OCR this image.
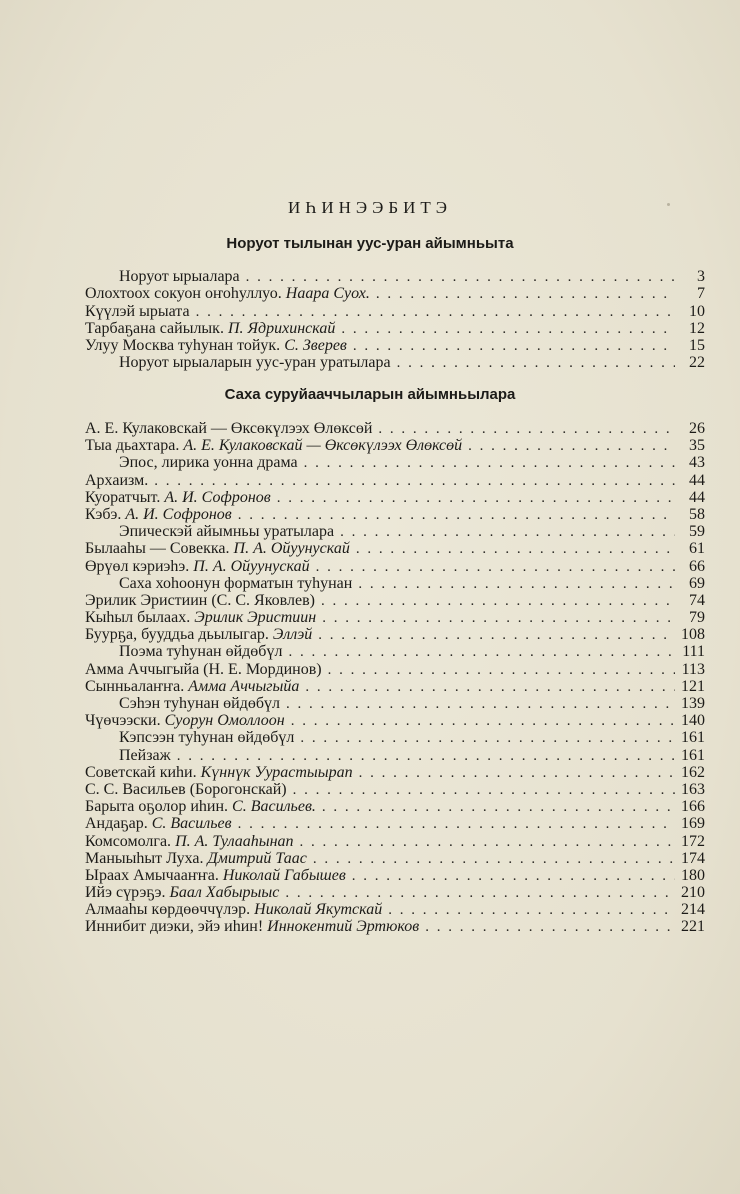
ИҺИНЭЭБИТЭ
Норуот тылынан уус-уран айымньыта
Норуот ырыалара . . .	3
Олохтоох сокуон оҥоһуллуо. Наара Суох. . . .	7
Күүлэй ырыата . . .	10
Тарбаҕана сайылык. П. Ядрихинскай . . .	12
Улуу Москва туһунан тойук. С. Зверев . . .	15
Норуот ырыаларын уус-уран уратылара . . .	22
Саха суруйааччыларын айымньылара
А. Е. Кулаковскай — Өксөкүлээх Өлөксөй . . .	26
Тыа дьахтара. А. Е. Кулаковскай — Өксөкүлээх Өлөксөй . . .	35
Эпос, лирика уонна драма . . .	43
Архаизм. . . .	44
Куоратчыт. А. И. Софронов . . .	44
Кэбэ. А. И. Софронов . . .	58
Эпическэй айымньы уратылара . . .	59
Былааһы — Совекка. П. А. Ойуунускай . . .	61
Өрүөл кэриэһэ. П. А. Ойуунускай . . .	66
Саха хоһоонун форматын туһунан . . .	69
Эрилик Эристиин (С. С. Яковлев) . . .	74
Кыһыл былаах. Эрилик Эристиин . . .	79
Буурҕа, бууддьа дьылыгар. Эллэй . . .	108
Поэма туһунан өйдөбүл . . .	111
Амма Аччыгыйа (Н. Е. Мординов) . . .	113
Сынньалаҥҥа. Амма Аччыгыйа . . .	121
Сэһэн туһунан өйдөбүл . . .	139
Чүөчээски. Суорун Омоллоон . . .	140
Кэпсээн туһунан өйдөбүл . . .	161
Пейзаж . . .	161
Советскай киһи. Күннүк Уурастыырап . . .	162
С. С. Васильев (Борогонскай) . . .	163
Барыта оҕолор иһин. С. Васильев. . . .	166
Андаҕар. С. Васильев . . .	169
Комсомолга. П. А. Тулааһынап . . .	172
Маныыһыт Луха. Дмитрий Таас . . .	174
Ыраах Амычааҥҥа. Николай Габышев . . .	180
Ийэ сүрэҕэ. Баал Хабырыыс . . .	210
Алмааһы көрдөөччүлэр. Николай Якутскай . . .	214
Иннибит диэки, эйэ иһин! Иннокентий Эртюков . . .	221
